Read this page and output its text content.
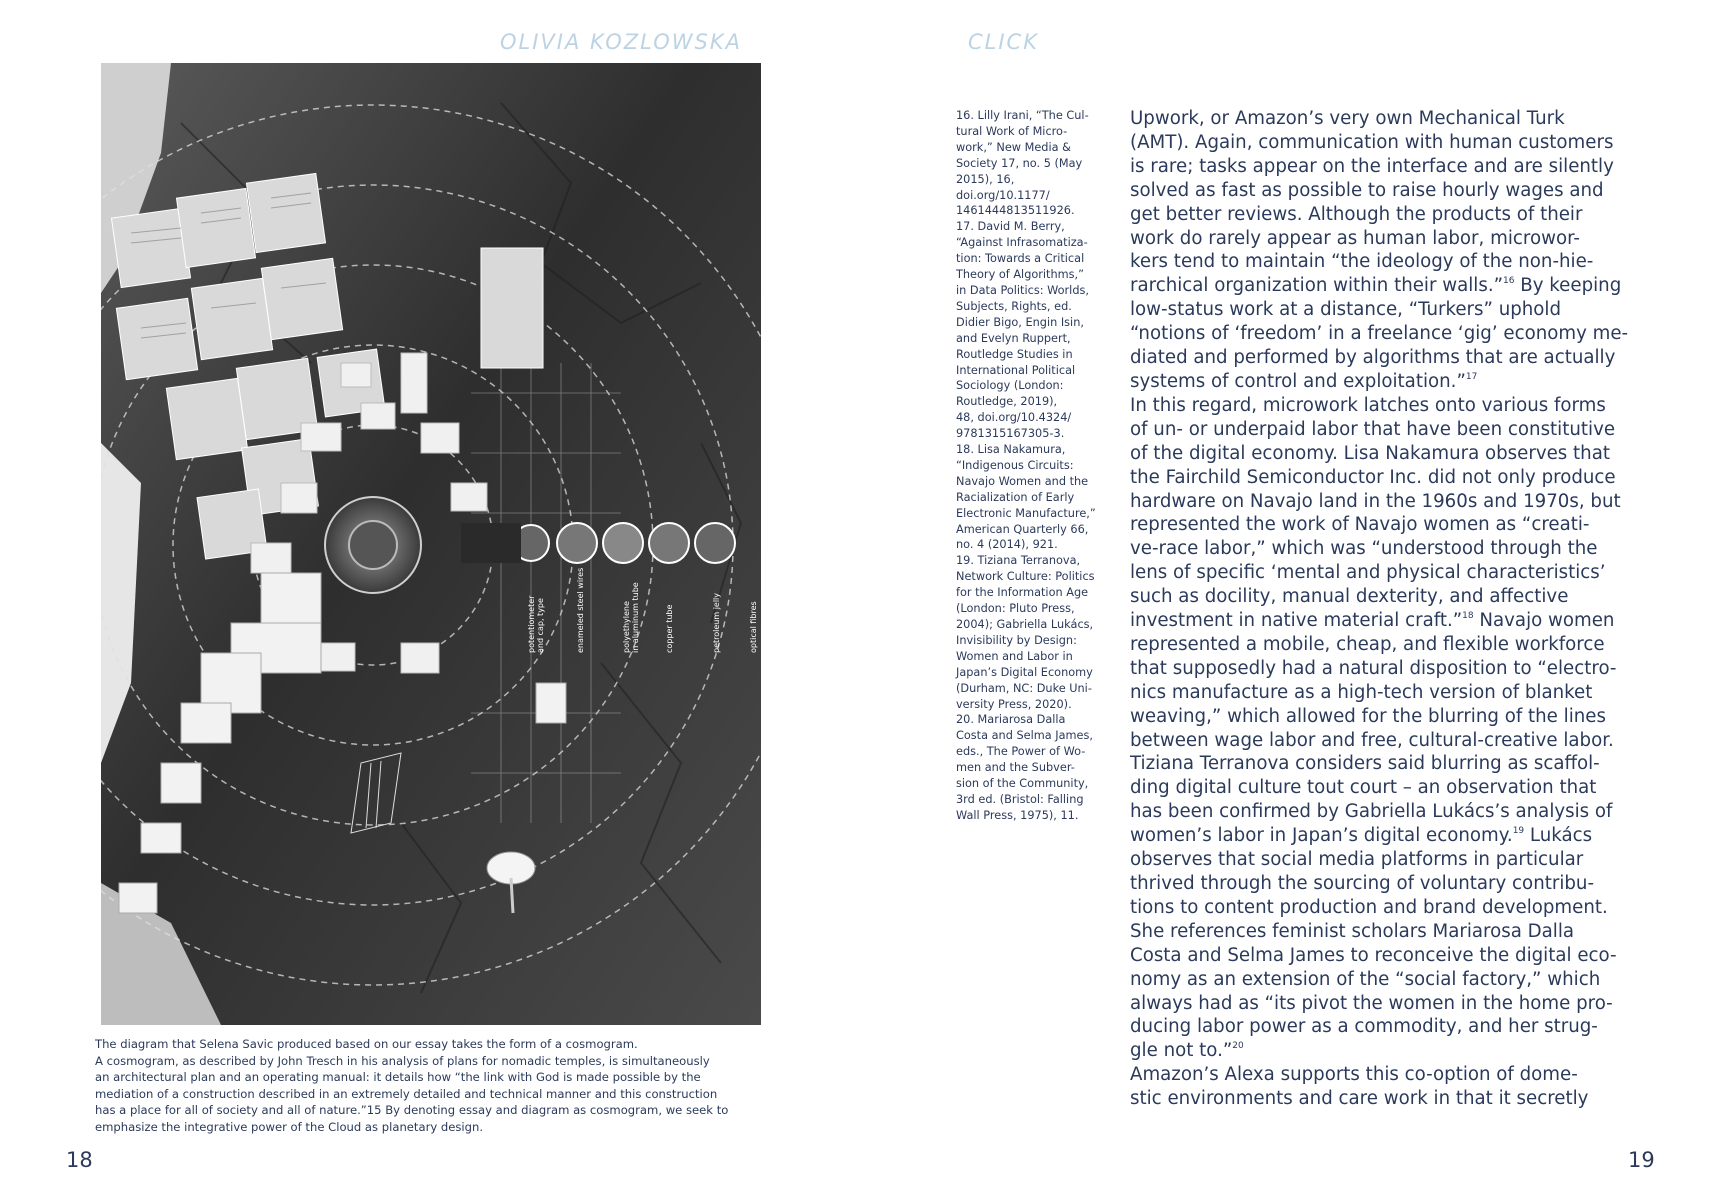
OLIVIA KOZLOWSKA	CLICK
potentiometerand cap, type	enameled steel wires	polyethylenein aluminum tube	copper tube	petroleum jelly	optical fibres

The diagram that Selena Savic produced based on our essay takes the form of a cosmogram.

A cosmogram, as described by John Tresch in his analysis of plans for nomadic temples, is simultaneously

an architectural plan and an operating manual: it details how “the link with God is made possible by the

mediation of a construction described in an extremely detailed and technical manner and this construction

has a place for all of society and all of nature.”15 By denoting essay and diagram as cosmogram, we seek to

emphasize the integrative power of the Cloud as planetary design.

16. Lilly Irani, “The Cul-

tural Work of Micro-

work,” New Media &

Society 17, no. 5 (May

2015), 16, doi.org/10.1177/

1461444813511926.

17. David M. Berry,

“Against Infrasomatiza-

tion: Towards a Critical

Theory of Algorithms,”

in Data Politics: Worlds,

Subjects, Rights, ed.

Didier Bigo, Engin Isin,

and Evelyn Ruppert,

Routledge Studies in

International Political

Sociology (London:

Routledge, 2019),

48, doi.org/10.4324/

9781315167305-3.

18. Lisa Nakamura,

“Indigenous Circuits:

Navajo Women and the

Racialization of Early

Electronic Manufacture,”

American Quarterly 66,

no. 4 (2014), 921.

19. Tiziana Terranova,

Network Culture: Politics

for the Information Age

(London: Pluto Press,

2004); Gabriella Lukács,

Invisibility by Design:

Women and Labor in

Japan’s Digital Economy

(Durham, NC: Duke Uni-

versity Press, 2020).

20. Mariarosa Dalla

Costa and Selma James,

eds., The Power of Wo-

men and the Subver-

sion of the Community,

3rd ed. (Bristol: Falling

Wall Press, 1975), 11.

Upwork, or Amazon’s very own Mechanical Turk

(AMT). Again, communication with human customers

is rare; tasks appear on the interface and are silently

solved as fast as possible to raise hourly wages and

get better reviews. Although the products of their

work do rarely appear as human labor, microwor-

kers tend to maintain “the ideology of the non-hie-

rarchical organization within their walls.”$^{16}$ By keeping

low-status work at a distance, “Turkers” uphold

“notions of ‘freedom’ in a freelance ‘gig’ economy me-

diated and performed by algorithms that are actually

systems of control and exploitation.”$^{17}$

In this regard, microwork latches onto various forms

of un- or underpaid labor that have been constitutive

of the digital economy. Lisa Nakamura observes that

the Fairchild Semiconductor Inc. did not only produce

hardware on Navajo land in the 1960s and 1970s, but

represented the work of Navajo women as “creati-

ve-race labor,” which was “understood through the

lens of specific ‘mental and physical characteristics’

such as docility, manual dexterity, and affective

investment in native material craft.”$^{18}$ Navajo women

represented a mobile, cheap, and flexible workforce

that supposedly had a natural disposition to “electro-

nics manufacture as a high-tech version of blanket

weaving,” which allowed for the blurring of the lines

between wage labor and free, cultural-creative labor.

Tiziana Terranova considers said blurring as scaffol-

ding digital culture tout court – an observation that

has been confirmed by Gabriella Lukács’s analysis of

women’s labor in Japan’s digital economy.$^{19}$ Lukács

observes that social media platforms in particular

thrived through the sourcing of voluntary contribu-

tions to content production and brand development.

She references feminist scholars Mariarosa Dalla

Costa and Selma James to reconceive the digital eco-

nomy as an extension of the “social factory,” which

always had as “its pivot the women in the home pro-

ducing labor power as a commodity, and her strug-

gle not to.”$^{20}$

Amazon’s Alexa supports this co-option of dome-

stic environments and care work in that it secretly

18	19
